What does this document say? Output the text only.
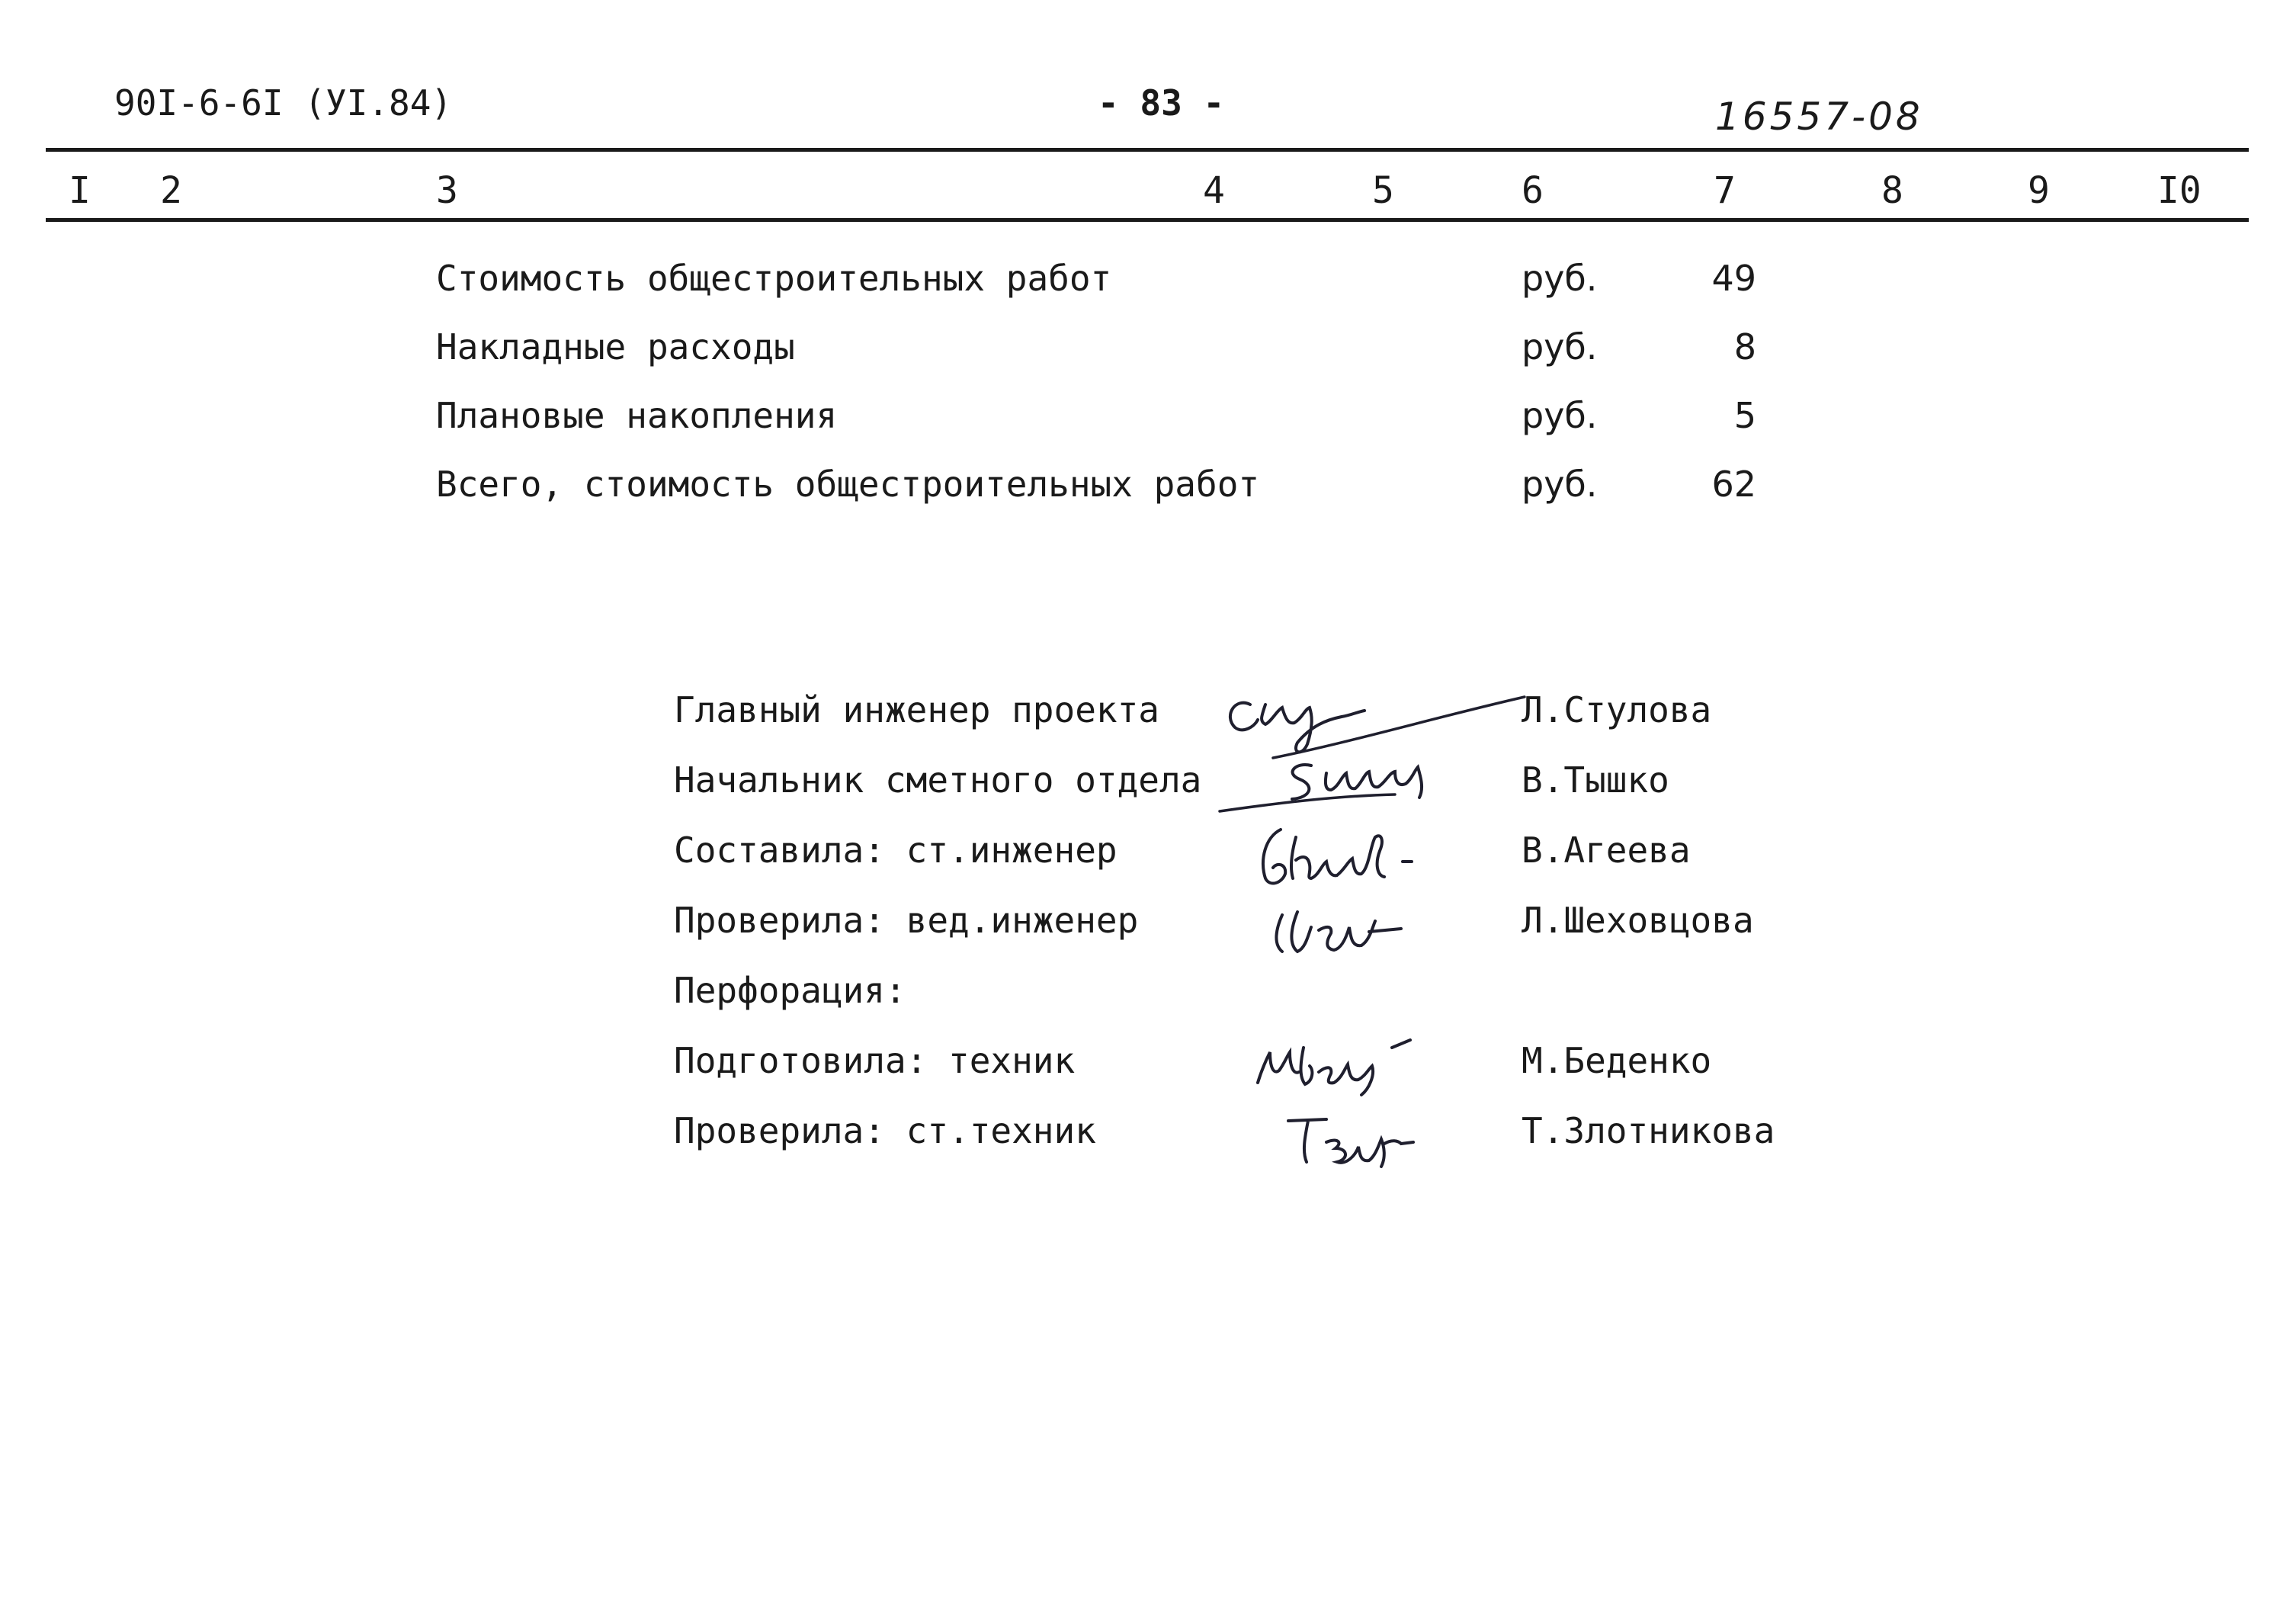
90I-6-6I (УI.84)	- 83 -	16557-08
I 2	3	4	5	6	7	8	9	I0
Стоимость общестроительных работ	руб.	49
Накладные расходы	руб.	8
Плановые накопления	руб.	5
Всего, стоимость общестроительных работ	руб.	62
Главный инженер проекта	Л.Стулова
Начальник сметного отдела	В.Тышко
Составила: ст.инженер	В.Агеева
Проверила: вед.инженер	Л.Шеховцова
Перфорация:
Подготовила: техник	М.Беденко
Проверила: ст.техник	Т.Злотникова
